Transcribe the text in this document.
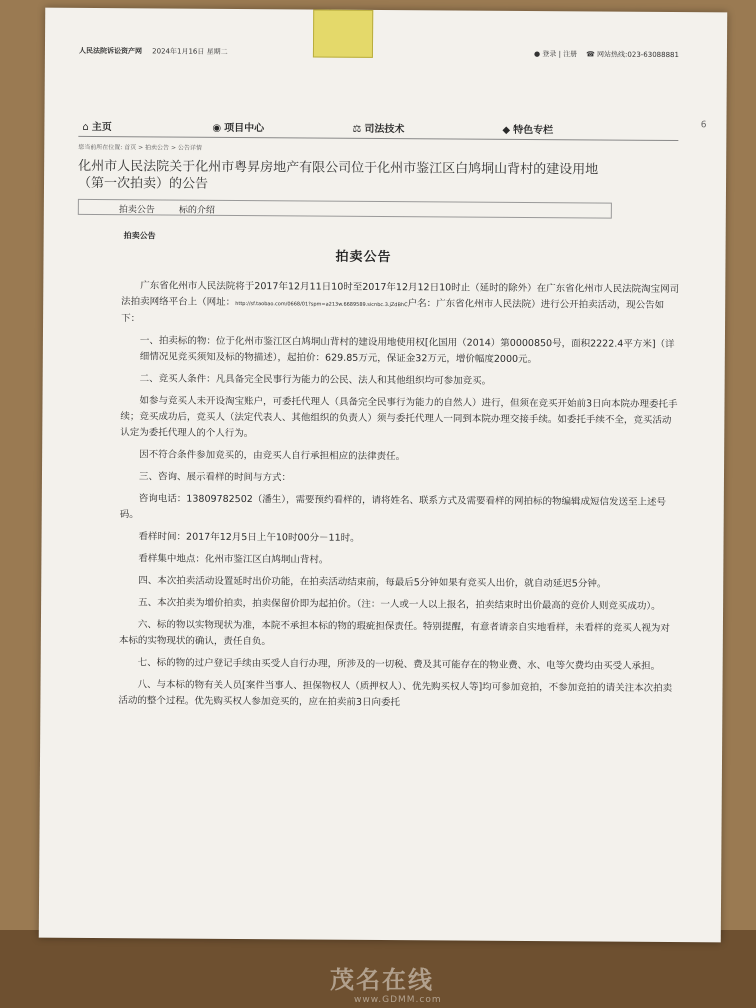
茂名在线
www.GDMM.com
人民法院诉讼资产网 2024年1月16日 星期二	● 登录 | 注册 ☎ 网站热线:023-63088881
⌂ 主页	◉ 项目中心	⚖ 司法技术	◆ 特色专栏	6
您当前所在位置: 首页 > 拍卖公告 > 公告详情
化州市人民法院关于化州市粤昇房地产有限公司位于化州市鉴江区白鸠垌山背村的建设用地（第一次拍卖）的公告
拍卖公告	标的介绍
拍卖公告
拍卖公告

广东省化州市人民法院将于2017年12月11日10时至2017年12月12日10时止（延时的除外）在广东省化州市人民法院淘宝网司法拍卖网络平台上（网址：http://sf.taobao.com/0668/01?spm=a213w.6689589.sicnbc.3.jZdBhC户名：广东省化州市人民法院）进行公开拍卖活动，现公告如下：

一、拍卖标的物：位于化州市鉴江区白鸠垌山背村的建设用地使用权[化国用（2014）第0000850号，面积2222.4平方米]（详细情况见竞买须知及标的物描述），起拍价：629.85万元，保证金32万元，增价幅度2000元。

二、竞买人条件：凡具备完全民事行为能力的公民、法人和其他组织均可参加竞买。

如参与竞买人未开设淘宝账户，可委托代理人（具备完全民事行为能力的自然人）进行，但须在竞买开始前3日向本院办理委托手续；竞买成功后，竞买人（法定代表人、其他组织的负责人）须与委托代理人一同到本院办理交接手续。如委托手续不全，竞买活动认定为委托代理人的个人行为。

因不符合条件参加竞买的，由竞买人自行承担相应的法律责任。

三、咨询、展示看样的时间与方式：

咨询电话：13809782502（潘生），需要预约看样的，请将姓名、联系方式及需要看样的网拍标的物编辑成短信发送至上述号码。

看样时间：2017年12月5日上午10时00分－11时。

看样集中地点：化州市鉴江区白鸠垌山背村。

四、本次拍卖活动设置延时出价功能，在拍卖活动结束前，每最后5分钟如果有竞买人出价，就自动延迟5分钟。

五、本次拍卖为增价拍卖，拍卖保留价即为起拍价。（注：一人或一人以上报名，拍卖结束时出价最高的竞价人则竞买成功）。

六、标的物以实物现状为准，本院不承担本标的物的瑕疵担保责任。特别提醒，有意者请亲自实地看样，未看样的竞买人视为对本标的实物现状的确认，责任自负。

七、标的物的过户登记手续由买受人自行办理，所涉及的一切税、费及其可能存在的物业费、水、电等欠费均由买受人承担。

八、与本标的物有关人员[案件当事人、担保物权人（质押权人）、优先购买权人等]均可参加竞拍，不参加竞拍的请关注本次拍卖活动的整个过程。优先购买权人参加竞买的，应在拍卖前3日向委托
